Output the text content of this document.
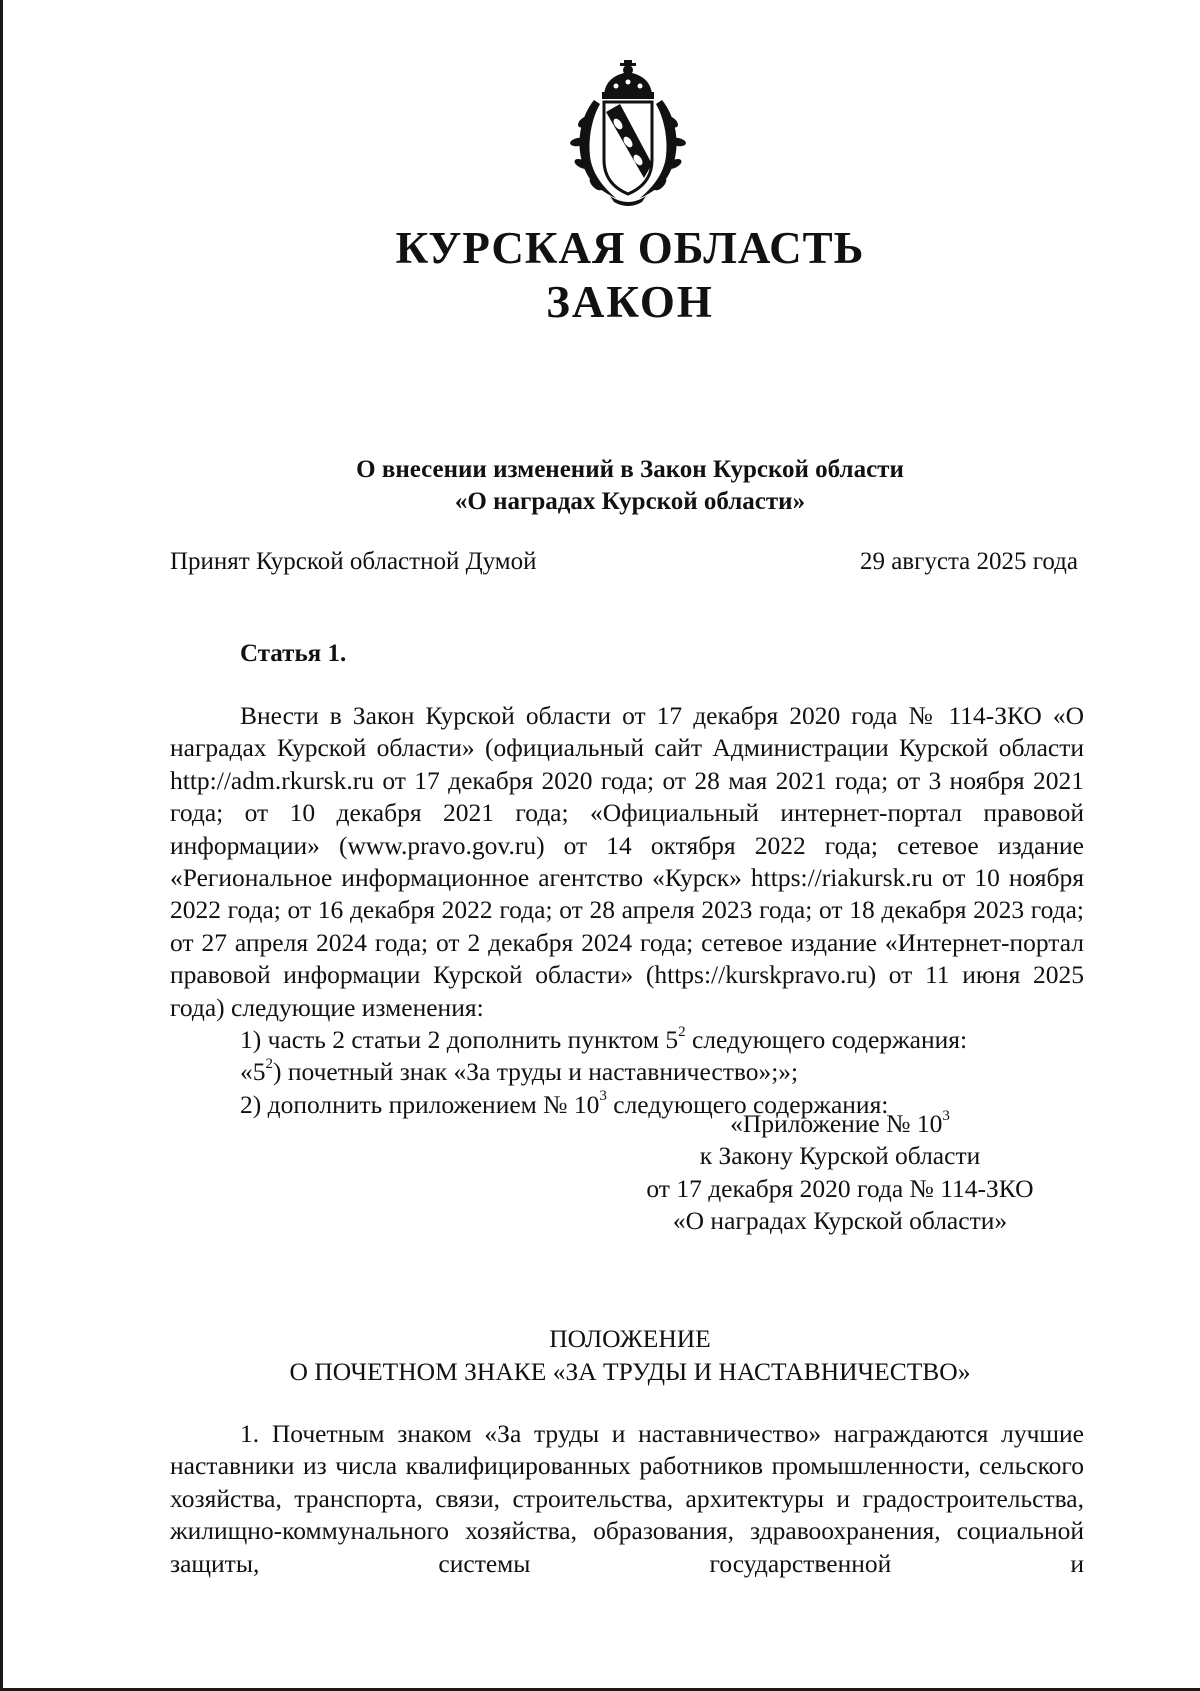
КУРСКАЯ ОБЛАСТЬ
ЗАКОН
О внесении изменений в Закон Курской области
«О наградах Курской области»
Принят Курской областной Думой	29 августа 2025 года
Статья 1.

Внести в Закон Курской области от 17 декабря 2020 года № 114-ЗКО «О наградах Курской области» (официальный сайт Администрации Курской области http://adm.rkursk.ru от 17 декабря 2020 года; от 28 мая 2021 года; от 3 ноября 2021 года; от 10 декабря 2021 года; «Официальный интернет-портал правовой информации» (www.pravo.gov.ru) от 14 октября 2022 года; сетевое издание «Региональное информационное агентство «Курск» https://riakursk.ru от 10 ноября 2022 года; от 16 декабря 2022 года; от 28 апреля 2023 года; от 18 декабря 2023 года; от 27 апреля 2024 года; от 2 декабря 2024 года; сетевое издание «Интернет-портал правовой информации Курской области» (https://kurskpravo.ru) от 11 июня 2025 года) следующие изменения:

1) часть 2 статьи 2 дополнить пунктом $5^2$ следующего содержания:

«$5^2$) почетный знак «За труды и наставничество»;»;

2) дополнить приложением № $10^3$ следующего содержания:

«Приложение № $10^3$
к Закону Курской области
от 17 декабря 2020 года № 114-ЗКО
«О наградах Курской области»
ПОЛОЖЕНИЕ
О ПОЧЕТНОМ ЗНАКЕ «ЗА ТРУДЫ И НАСТАВНИЧЕСТВО»

1. Почетным знаком «За труды и наставничество» награждаются лучшие наставники из числа квалифицированных работников промышленности, сельского хозяйства, транспорта, связи, строительства, архитектуры и градостроительства, жилищно-коммунального хозяйства, образования, здравоохранения, социальной защиты, системы государственной и
